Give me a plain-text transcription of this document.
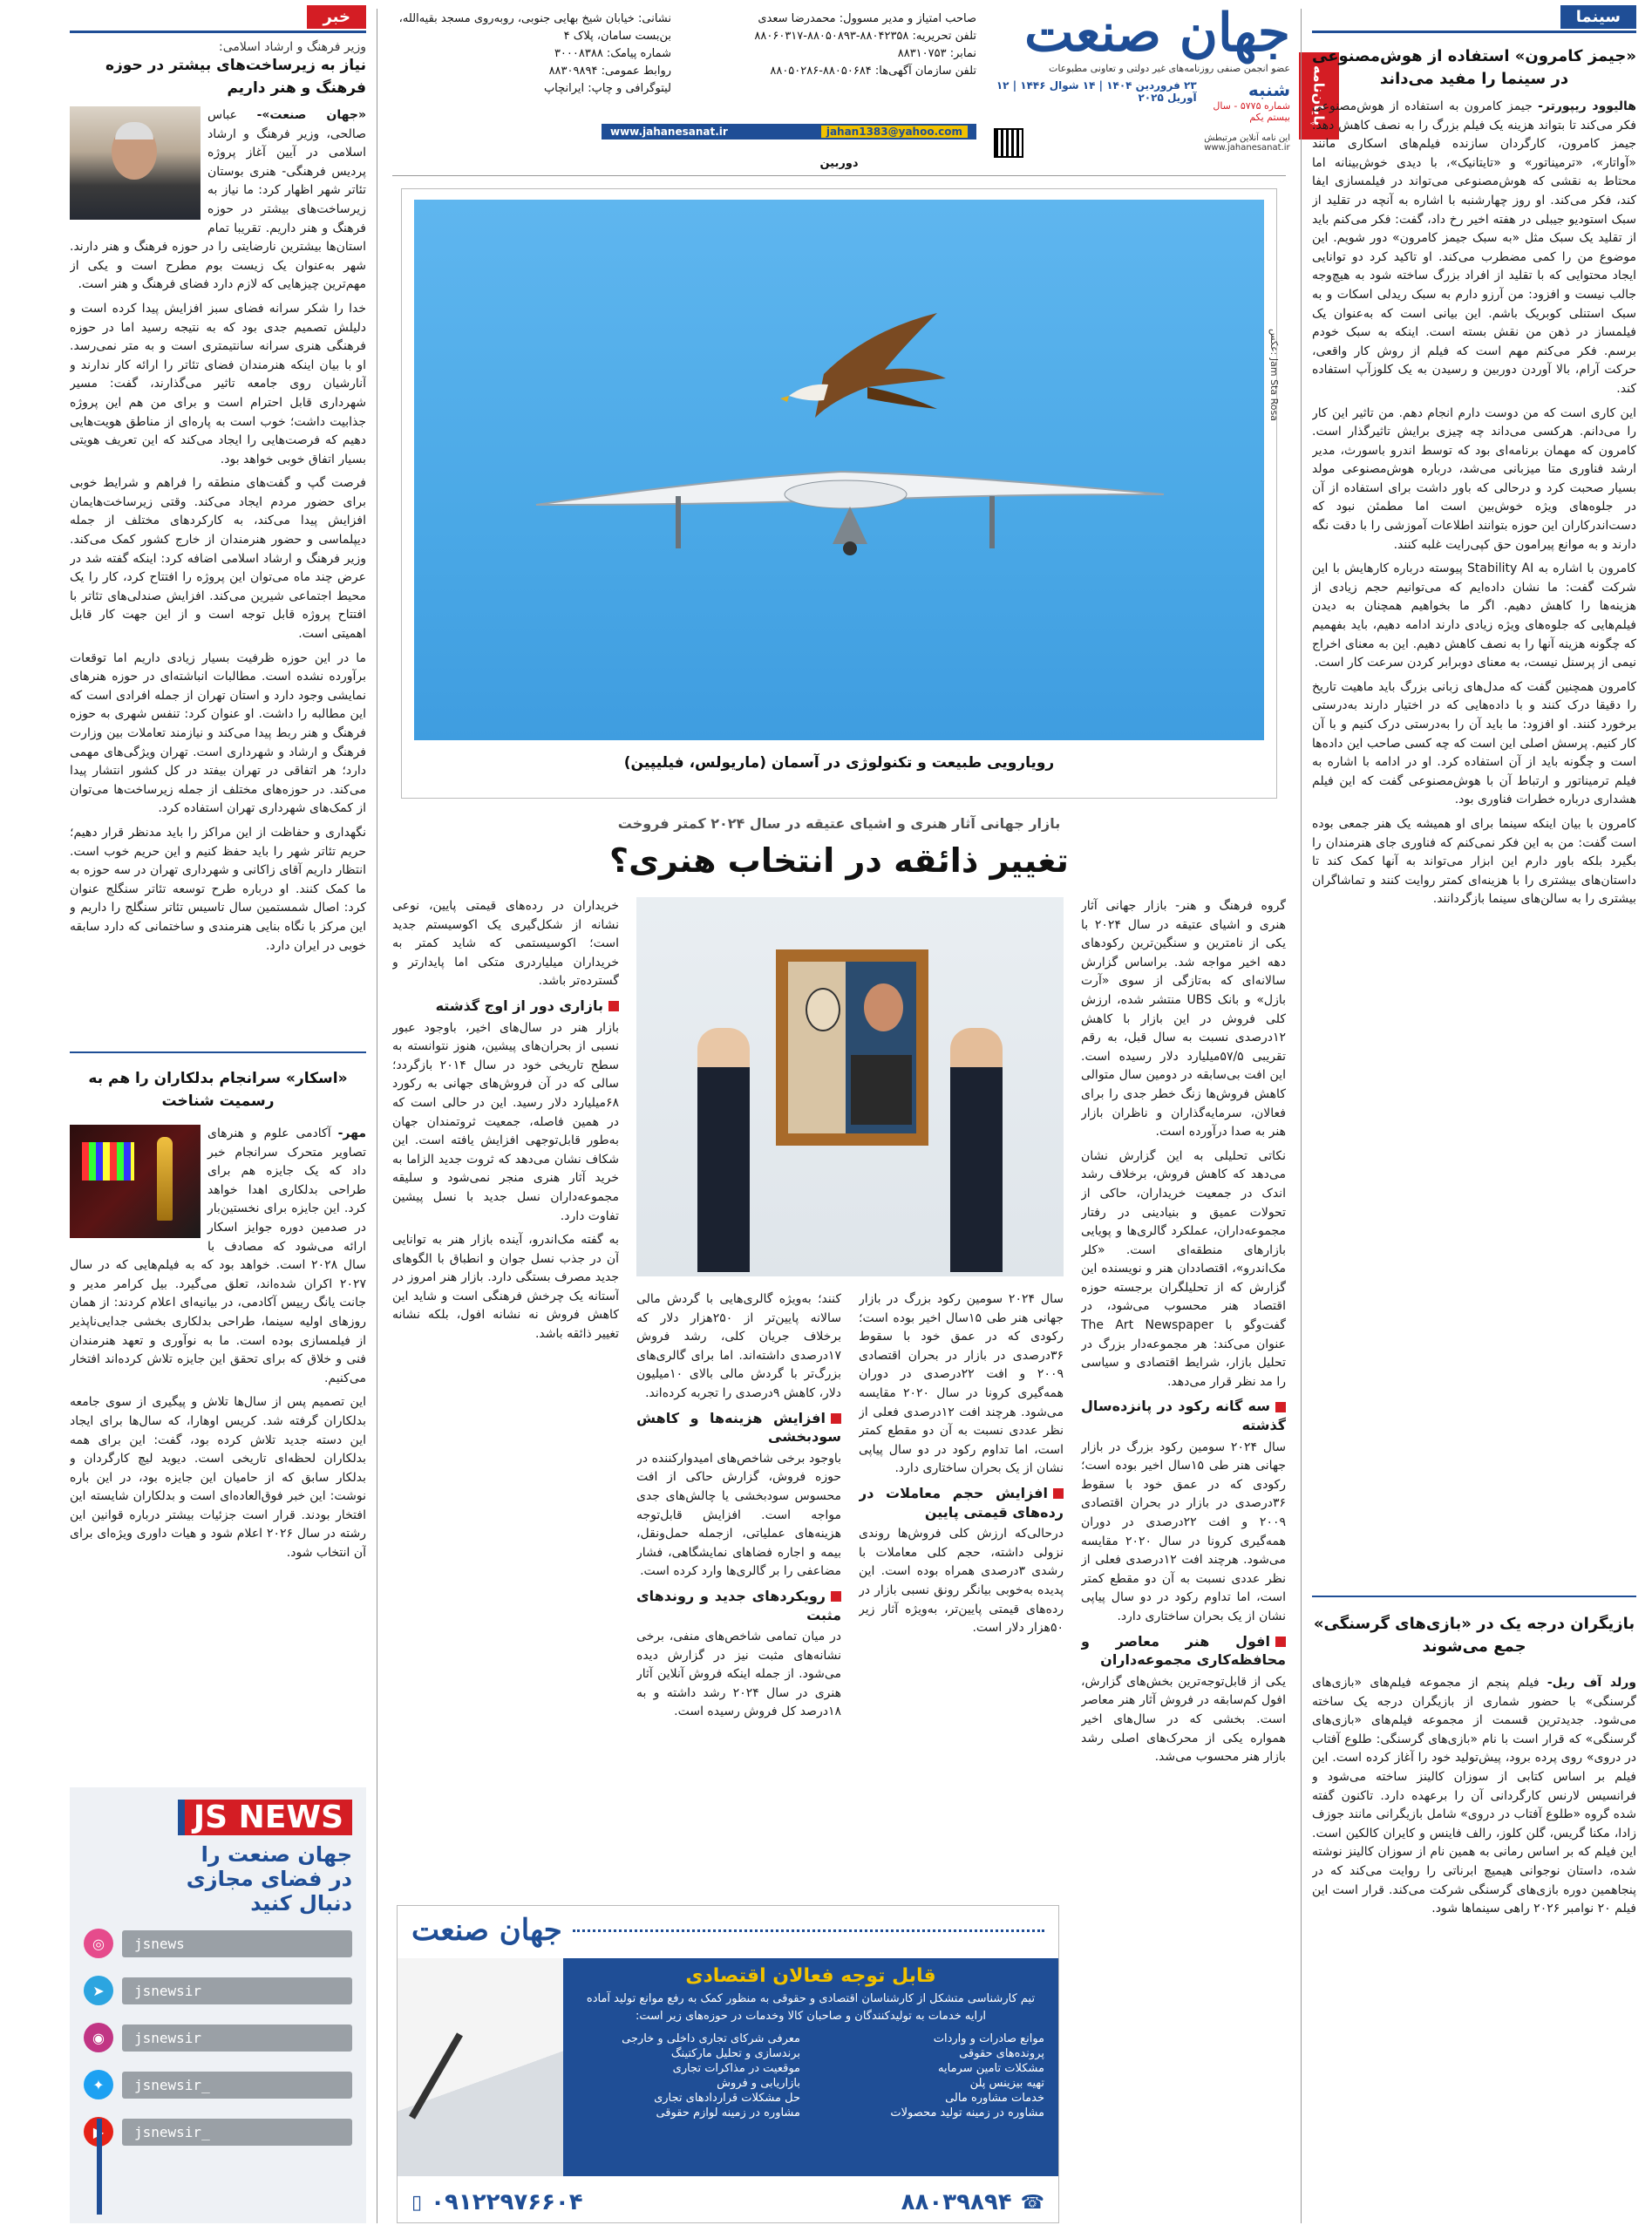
جهان صنعت
عضو انجمن صنفی روزنامه‌های غیر دولتی و تعاونی مطبوعات
شنبه
شماره ۵۷۷۵ - سال بیستم یکم
۲۳ فروردین ۱۴۰۴ | ۱۴ شوال ۱۴۴۶ | ۱۲ آوریل ۲۰۲۵
این نامه آنلاین مرتبطش
www.jahanesanat.ir
صاحب امتیاز و مدیر مسوول: محمدرضا سعدی
تلفن تحریریه: ۸۸۰۴۲۳۵۸-۸۸۰۵۰۸۹۳-۸۸۰۶۰۳۱۷
نمابر: ۸۸۳۱۰۷۵۳
تلفن سازمان آگهی‌ها: ۸۸۰۵۰۶۸۴-۸۸۰۵۰۲۸۶
نشانی: خیابان شیخ بهایی جنوبی، روبه‌روی مسجد بقیه‌الله، بن‌بست سامان، پلاک ۴
شماره پیامک: ۳۰۰۰۸۳۸۸
روابط عمومی: ۸۸۳۰۹۸۹۴
لیتوگرافی و چاپ: ایرانچاپ
www.jahanesanat.ir	jahan1383@yahoo.com
پایان‌نامه
سینما
«جیمز کامرون» استفاده از هوش‌مصنوعی در سینما را مفید می‌داند

هالیوود ریپورتر- جیمز کامرون به استفاده از هوش‌مصنوعی فکر می‌کند تا بتواند هزینه یک فیلم بزرگ را به نصف کاهش دهد. جیمز کامرون، کارگردان سازنده فیلم‌های اسکاری مانند «آواتار»، «ترمیناتور» و «تایتانیک»، با دیدی خوش‌بینانه اما محتاط به نقشی که هوش‌مصنوعی می‌تواند در فیلمسازی ایفا کند، فکر می‌کند. او روز چهارشنبه با اشاره به آنچه در تقلید از سبک استودیو جیبلی در هفته اخیر رخ داد، گفت: فکر می‌کنم باید از تقلید یک سبک مثل «به سبک جیمز کامرون» دور شویم. این موضوع من را کمی مضطرب می‌کند. او تاکید کرد دو توانایی ایجاد محتوایی که با تقلید از افراد بزرگ ساخته شود به هیچ‌وجه جالب نیست و افزود: من آرزو دارم به سبک ریدلی اسکات و به سبک استنلی کوبریک باشم. این بیانی است که به‌عنوان یک فیلمساز در ذهن من نقش بسته است. اینکه به سبک خودم برسم. فکر می‌کنم مهم است که فیلم از روش کار واقعی، حرکت آرام، بالا آوردن دوربین و رسیدن به یک کلوزآپ استفاده کند.

این کاری است که من دوست دارم انجام دهم. من تاثیر این کار را می‌دانم. هرکسی می‌داند چه چیزی برایش تاثیرگذار است. کامرون که مهمان برنامه‌ای بود که توسط اندرو باسورث، مدیر ارشد فناوری متا میزبانی می‌شد، درباره هوش‌مصنوعی مولد بسیار صحبت کرد و درحالی که باور داشت برای استفاده از آن در جلوه‌های ویژه خوش‌بین است اما مطمئن نبود که دست‌اندرکاران این حوزه بتوانند اطلاعات آموزشی را با دقت نگه دارند و به موانع پیرامون حق کپی‌رایت غلبه کنند.

کامرون با اشاره به Stability AI پیوسته درباره کارهایش با این شرکت گفت: ما نشان داده‌ایم که می‌توانیم حجم زیادی از هزینه‌ها را کاهش دهیم. اگر ما بخواهیم همچنان به دیدن فیلم‌هایی که جلوه‌های ویژه زیادی دارند ادامه دهیم، باید بفهمیم که چگونه هزینه آنها را به نصف کاهش دهیم. این به معنای اخراج نیمی از پرسنل نیست، به معنای دوبرابر کردن سرعت کار است.

کامرون همچنین گفت که مدل‌های زبانی بزرگ باید ماهیت تاریخ را دقیقا درک کنند و با داده‌هایی که در اختیار دارند به‌درستی برخورد کنند. او افزود: ما باید آن را به‌درستی درک کنیم و با آن کار کنیم. پرسش اصلی این است که چه کسی صاحب این داده‌ها است و چگونه باید از آن استفاده کرد. او در ادامه با اشاره به فیلم ترمیناتور و ارتباط آن با هوش‌مصنوعی گفت که این فیلم هشداری درباره خطرات فناوری بود.

کامرون با بیان اینکه سینما برای او همیشه یک هنر جمعی بوده است گفت: من به این فکر نمی‌کنم که فناوری جای هنرمندان را بگیرد بلکه باور دارم این ابزار می‌تواند به آنها کمک کند تا داستان‌های بیشتری را با هزینه‌ای کمتر روایت کنند و تماشاگران بیشتری را به سالن‌های سینما بازگردانند.

بازیگران درجه یک در «بازی‌های گرسنگی» جمع می‌شوند

ورلد آف ریل- فیلم پنجم از مجموعه فیلم‌های «بازی‌های گرسنگی» با حضور شماری از بازیگران درجه یک ساخته می‌شود. جدیدترین قسمت از مجموعه فیلم‌های «بازی‌های گرسنگی» که قرار است با نام «بازی‌های گرسنگی: طلوع آفتاب در دروی» روی پرده برود، پیش‌تولید خود را آغاز کرده است. این فیلم بر اساس کتابی از سوزان کالینز ساخته می‌شود و فرانسیس لارنس کارگردانی آن را برعهده دارد. تاکنون گفته شده گروه «طلوع آفتاب در دروی» شامل بازیگرانی مانند جوزف زادا، مکنا گریس، گلن کلوز، رالف فاینس و کایران کالکین است. این فیلم که بر اساس رمانی به همین نام از سوزان کالینز نوشته شده، داستان نوجوانی هیمیچ ابرناتی را روایت می‌کند که در پنجاهمین دوره بازی‌های گرسنگی شرکت می‌کند. قرار است این فیلم ۲۰ نوامبر ۲۰۲۶ راهی سینماها شود.

خبر
وزیر فرهنگ و ارشاد اسلامی:
نیاز به زیرساخت‌های بیشتر در حوزه فرهنگ و هنر داریم

«جهان صنعت»- عباس صالحی، وزیر فرهنگ و ارشاد اسلامی در آیین آغاز پروژه پردیس فرهنگی- هنری بوستان تئاتر شهر اظهار کرد: ما نیاز به زیرساخت‌های بیشتر در حوزه فرهنگ و هنر داریم. تقریبا تمام استان‌ها بیشترین نارضایتی را در حوزه فرهنگ و هنر دارند. شهر به‌عنوان یک زیست بوم مطرح است و یکی از مهم‌ترین چیزهایی که لازم دارد فضای فرهنگ و هنر است.

خدا را شکر سرانه فضای سبز افزایش پیدا کرده است و دلیلش تصمیم جدی بود که به نتیجه رسید اما در حوزه فرهنگی هنری سرانه سانتیمتری است و به متر نمی‌رسد. او با بیان اینکه هنرمندان فضای تئاتر را ارائه کار ندارند و آنارشیان روی جامعه تاثیر می‌گذارند، گفت: مسیر شهرداری قابل احترام است و برای من هم این پروژه جذابیت داشت؛ خوب است به پاره‌ای از مناطق هویت‌هایی دهیم که فرصت‌هایی را ایجاد می‌کند که این تعریف هویتی بسیار اتفاق خوبی خواهد بود.

فرصت گپ و گفت‌های منطقه را فراهم و شرایط خوبی برای حضور مردم ایجاد می‌کند. وقتی زیرساخت‌هایمان افزایش پیدا می‌کند، به کارکردهای مختلف از جمله دیپلماسی و حضور هنرمندان از خارج کشور کمک می‌کند. وزیر فرهنگ و ارشاد اسلامی اضافه کرد: اینکه گفته شد در عرض چند ماه می‌توان این پروژه را افتتاح کرد، کار را یک محیط اجتماعی شیرین می‌کند. افزایش صندلی‌های تئاتر با افتتاح پروژه قابل توجه است و از این جهت کار قابل اهمیتی است.

ما در این حوزه ظرفیت بسیار زیادی داریم اما توقعات برآورده نشده است. مطالبات انباشته‌ای در حوزه هنرهای نمایشی وجود دارد و استان تهران از جمله افرادی است که این مطالبه را داشت. او عنوان کرد: تنفس شهری به حوزه فرهنگ و هنر ربط پیدا می‌کند و نیازمند تعاملات بین وزارت فرهنگ و ارشاد و شهرداری است. تهران ویژگی‌های مهمی دارد؛ هر اتفاقی در تهران بیفتد در کل کشور انتشار پیدا می‌کند. در حوزه‌های مختلف از جمله زیرساخت‌ها می‌توان از کمک‌های شهرداری تهران استفاده کرد.

نگهداری و حفاظت از این مراکز را باید مدنظر قرار دهیم؛ حریم تئاتر شهر را باید حفظ کنیم و این حریم خوب است. انتظار داریم آقای زاکانی و شهرداری تهران در سه حوزه به ما کمک کنند. او درباره طرح توسعه تئاتر سنگلج عنوان کرد: اصال شمستمین سال تاسیس تئاتر سنگلج را داریم و این مرکز با نگاه بنایی هنرمندی و ساختمانی که دارد سابقه خوبی در ایران دارد.

«اسکار» سرانجام بدلکاران را هم به رسمیت شناخت

مهر- آکادمی علوم و هنرهای تصاویر متحرک سرانجام خبر داد که یک جایزه هم برای طراحی بدلکاری اهدا خواهد کرد. این جایزه برای نخستین‌بار در صدمین دوره جوایز اسکار ارائه می‌شود که مصادف با سال ۲۰۲۸ است. خواهد بود که به فیلم‌هایی که در سال ۲۰۲۷ اکران شده‌اند، تعلق می‌گیرد. بیل کرامر مدیر و جانت یانگ رییس آکادمی، در بیانیه‌ای اعلام کردند: از همان روزهای اولیه سینما، طراحی بدلکاری بخشی جدایی‌ناپذیر از فیلمسازی بوده است. ما به نوآوری و تعهد هنرمندان فنی و خلاق که برای تحقق این جایزه تلاش کرده‌اند افتخار می‌کنیم.

این تصمیم پس از سال‌ها تلاش و پیگیری از سوی جامعه بدلکاران گرفته شد. کریس اوهارا، که سال‌ها برای ایجاد این دسته جدید تلاش کرده بود، گفت: این برای همه بدلکاران لحظه‌ای تاریخی است. دیوید لیچ کارگردان و بدلکار سابق که از حامیان این جایزه بود، در این باره نوشت: این خبر فوق‌العاده‌ای است و بدلکاران شایسته این افتخار بودند. قرار است جزئیات بیشتر درباره قوانین این رشته در سال ۲۰۲۶ اعلام شود و هیات داوری ویژه‌ای برای آن انتخاب شود.

JS NEWS
جهان صنعت را
در فضای مجازی
دنبال کنید
jsnews
◎
jsnewsir
➤
jsnewsir
◉
jsnewsir_
✦
jsnewsir_
دوربین
عکس: Jam Sta Rosa
رویارویی طبیعت و تکنولوژی در آسمان (ماریولس، فیلیپین)
بازار جهانی آثار هنری و اشیای عتیقه در سال ۲۰۲۴ کمتر فروخت
تغییر ذائقه در انتخاب هنری؟

گروه فرهنگ و هنر- بازار جهانی آثار هنری و اشیای عتیقه در سال ۲۰۲۴ با یکی از نامترین و سنگین‌ترین رکودهای دهه اخیر مواجه شد. براساس گزارش سالانه‌ای که به‌تازگی از سوی «آرت بازل» و بانک UBS منتشر شده، ارزش کلی فروش در این بازار با کاهش ۱۲درصدی نسبت به سال قبل، به رقم تقریبی ۵۷/۵میلیارد دلار رسیده است. این افت بی‌سابقه در دومین سال متوالی کاهش فروش‌ها زنگ خطر جدی را برای فعالان، سرمایه‌گذاران و ناظران بازار هنر به صدا درآورده است.

نکاتی تحلیلی به این گزارش نشان می‌دهد که کاهش فروش، برخلاف رشد اندک در جمعیت خریداران، حاکی از تحولات عمیق و بنیادینی در رفتار مجموعه‌داران، عملکرد گالری‌ها و پویایی بازارهای منطقه‌ای است. «کلر مک‌اندرو»، اقتصاددان هنر و نویسنده این گزارش که از تحلیلگران برجسته حوزه اقتصاد هنر محسوب می‌شود، در گفت‌وگو با The Art Newspaper عنوان می‌کند: هر مجموعه‌دار بزرگ در تحلیل بازار، شرایط اقتصادی و سیاسی را مد نظر قرار می‌دهد.

سه گانه رکود در پانزده‌سال گذشته

سال ۲۰۲۴ سومین رکود بزرگ در بازار جهانی هنر طی ۱۵سال اخیر بوده است؛ رکودی که در عمق خود با سقوط ۳۶درصدی در بازار در بحران اقتصادی ۲۰۰۹ و افت ۲۲درصدی در دوران همه‌گیری کرونا در سال ۲۰۲۰ مقایسه می‌شود. هرچند افت ۱۲درصدی فعلی از نظر عددی نسبت به آن دو مقطع کمتر است، اما تداوم رکود در دو سال پیاپی نشان از یک بحران ساختاری دارد.

افول هنر معاصر و محافظه‌کاری مجموعه‌داران

یکی از قابل‌توجه‌ترین بخش‌های گزارش، افول کم‌سابقه در فروش آثار هنر معاصر است. بخشی که در سال‌های اخیر همواره یکی از محرک‌های اصلی رشد بازار هنر محسوب می‌شد.

سال ۲۰۲۴ سومین رکود بزرگ در بازار جهانی هنر طی ۱۵سال اخیر بوده است؛ رکودی که در عمق خود با سقوط ۳۶درصدی در بازار در بحران اقتصادی ۲۰۰۹ و افت ۲۲درصدی در دوران همه‌گیری کرونا در سال ۲۰۲۰ مقایسه می‌شود. هرچند افت ۱۲درصدی فعلی از نظر عددی نسبت به آن دو مقطع کمتر است، اما تداوم رکود در دو سال پیاپی نشان از یک بحران ساختاری دارد.

افزایش حجم معاملات در رده‌های قیمتی پایین

درحالی‌که ارزش کلی فروش‌ها روندی نزولی داشته، حجم کلی معاملات با رشدی ۳درصدی همراه بوده است. این پدیده به‌خوبی بیانگر رونق نسبی بازار در رده‌های قیمتی پایین‌تر، به‌ویژه آثار زیر ۵۰هزار دلار است.

کنند؛ به‌ویژه گالری‌هایی با گردش مالی سالانه پایین‌تر از ۲۵۰هزار دلار که برخلاف جریان کلی، رشد فروش ۱۷درصدی داشته‌اند. اما برای گالری‌های بزرگ‌تر با گردش مالی بالای ۱۰میلیون دلار، کاهش ۹درصدی را تجربه کرده‌اند.

افزایش هزینه‌ها و کاهش سودبخشی

باوجود برخی شاخص‌های امیدوارکننده در حوزه فروش، گزارش حاکی از افت محسوس سودبخشی یا چالش‌های جدی مواجه است. افزایش قابل‌توجه هزینه‌های عملیاتی، ازجمله حمل‌ونقل، بیمه و اجاره فضاهای نمایشگاهی، فشار مضاعفی را بر گالری‌ها وارد کرده است.

رویکردهای جدید و روندهای مثبت

در میان تمامی شاخص‌های منفی، برخی نشانه‌های مثبت نیز در گزارش دیده می‌شود. از جمله اینکه فروش آنلاین آثار هنری در سال ۲۰۲۴ رشد داشته و به ۱۸درصد کل فروش رسیده است.

خریداران در رده‌های قیمتی پایین، نوعی نشانه از شکل‌گیری یک اکوسیستم جدید است؛ اکوسیستمی که شاید کمتر به خریداران میلیاردری متکی اما پایدارتر و گسترده‌تر باشد.

بازاری دور از اوج گذشته

بازار هنر در سال‌های اخیر، باوجود عبور نسبی از بحران‌های پیشین، هنوز نتوانسته به سطح تاریخی خود در سال ۲۰۱۴ بازگردد؛ سالی که در آن فروش‌های جهانی به رکورد ۶۸میلیارد دلار رسید. این در حالی است که در همین فاصله، جمعیت ثروتمندان جهان به‌طور قابل‌توجهی افزایش یافته است. این شکاف نشان می‌دهد که ثروت جدید الزاما به خرید آثار هنری منجر نمی‌شود و سلیقه مجموعه‌داران نسل جدید با نسل پیشین تفاوت دارد.

به گفته مک‌اندرو، آینده بازار هنر به توانایی آن در جذب نسل جوان و انطباق با الگوهای جدید مصرف بستگی دارد. بازار هنر امروز در آستانه یک چرخش فرهنگی است و شاید این کاهش فروش نه نشانه افول، بلکه نشانه تغییر ذائقه باشد.

جهان صنعت
قابل توجه فعالان اقتصادی
تیم کارشناسی متشکل از کارشناسان اقتصادی و حقوقی به منظور کمک به رفع موانع تولید آماده ارایه خدمات به تولیدکنندگان و صاحبان کالا وخدمات در حوزه‌های زیر است:
موانع صادرات و واردات
معرفی شرکای تجاری داخلی و خارجی
پرونده‌های حقوقی
برندسازی و تحلیل مارکتینگ
مشکلات تامین سرمایه
موقعیت در مذاکرات تجاری
تهیه بیزینس پلن
بازاریابی و فروش
خدمات مشاوره مالی
حل مشکلات قراردادهای تجاری
مشاوره در زمینه تولید محصولات
مشاوره در زمینه لوازم حقوقی
▯ ۰۹۱۲۲۹۷۶۶۰۴	۸۸۰۳۹۸۹۴ ☎
